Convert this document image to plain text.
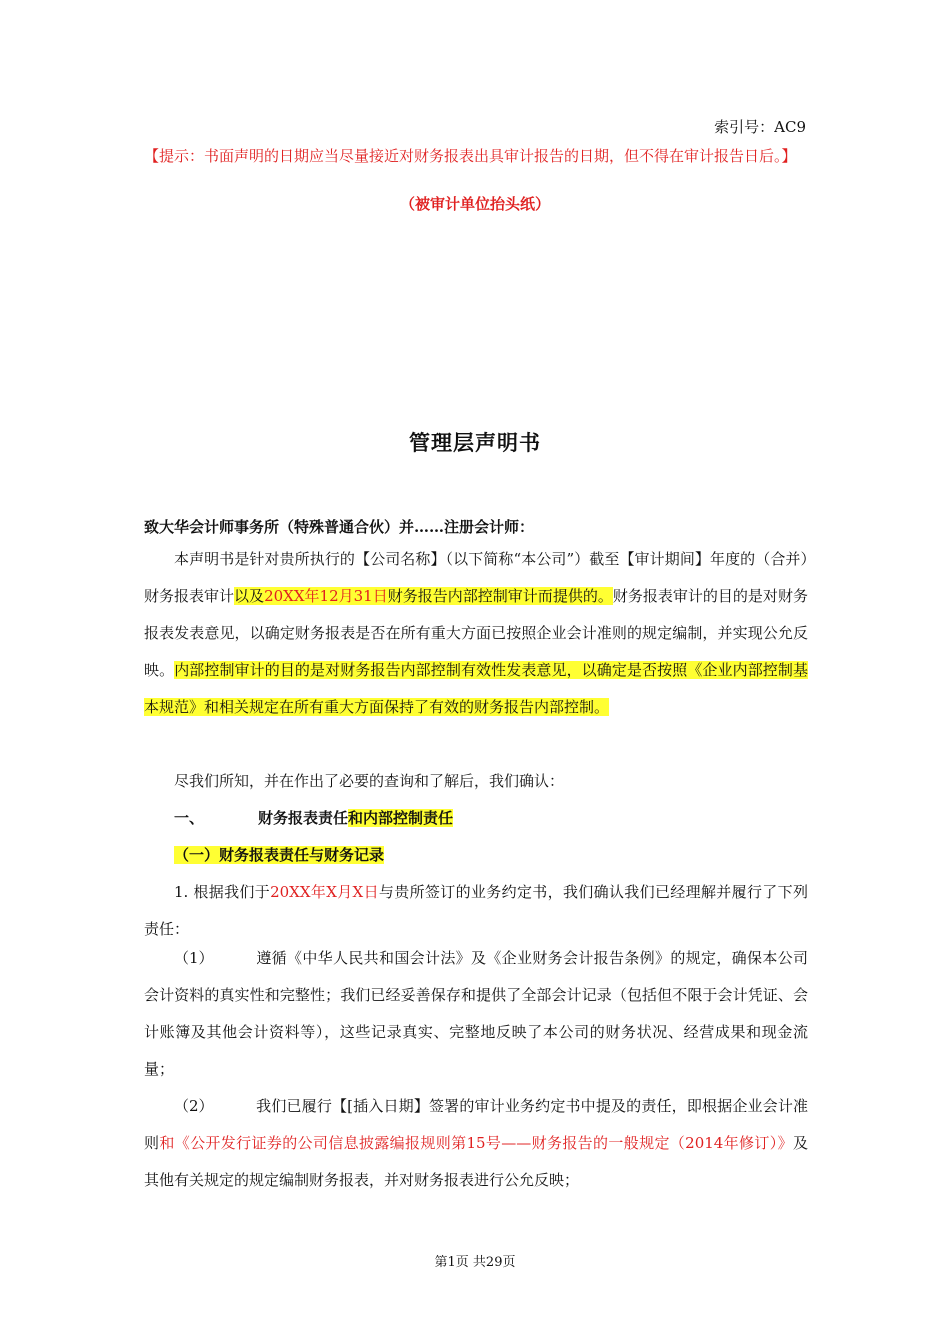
索引号：AC9
【提示：书面声明的日期应当尽量接近对财务报表出具审计报告的日期，但不得在审计报告日后。】
（被审计单位抬头纸）
管理层声明书
致大华会计师事务所（特殊普通合伙）并……注册会计师：
本声明书是针对贵所执行的【公司名称】（以下简称“本公司”）截至【审计期间】年度的（合并）财务报表审计以及20XX年12月31日财务报告内部控制审计而提供的。财务报表审计的目的是对财务报表发表意见，以确定财务报表是否在所有重大方面已按照企业会计准则的规定编制，并实现公允反映。内部控制审计的目的是对财务报告内部控制有效性发表意见，以确定是否按照《企业内部控制基本规范》和相关规定在所有重大方面保持了有效的财务报告内部控制。
尽我们所知，并在作出了必要的查询和了解后，我们确认：
一、	财务报表责任和内部控制责任
（一）财务报表责任与财务记录
1. 根据我们于20XX年X月X日与贵所签订的业务约定书，我们确认我们已经理解并履行了下列责任：
（1）	遵循《中华人民共和国会计法》及《企业财务会计报告条例》的规定，确保本公司会计资料的真实性和完整性；我们已经妥善保存和提供了全部会计记录（包括但不限于会计凭证、会计账簿及其他会计资料等），这些记录真实、完整地反映了本公司的财务状况、经营成果和现金流量；
（2）	我们已履行【[插入日期】签署的审计业务约定书中提及的责任，即根据企业会计准则和《公开发行证券的公司信息披露编报规则第15号——财务报告的一般规定（2014年修订）》及其他有关规定的规定编制财务报表，并对财务报表进行公允反映；
第1页 共29页
